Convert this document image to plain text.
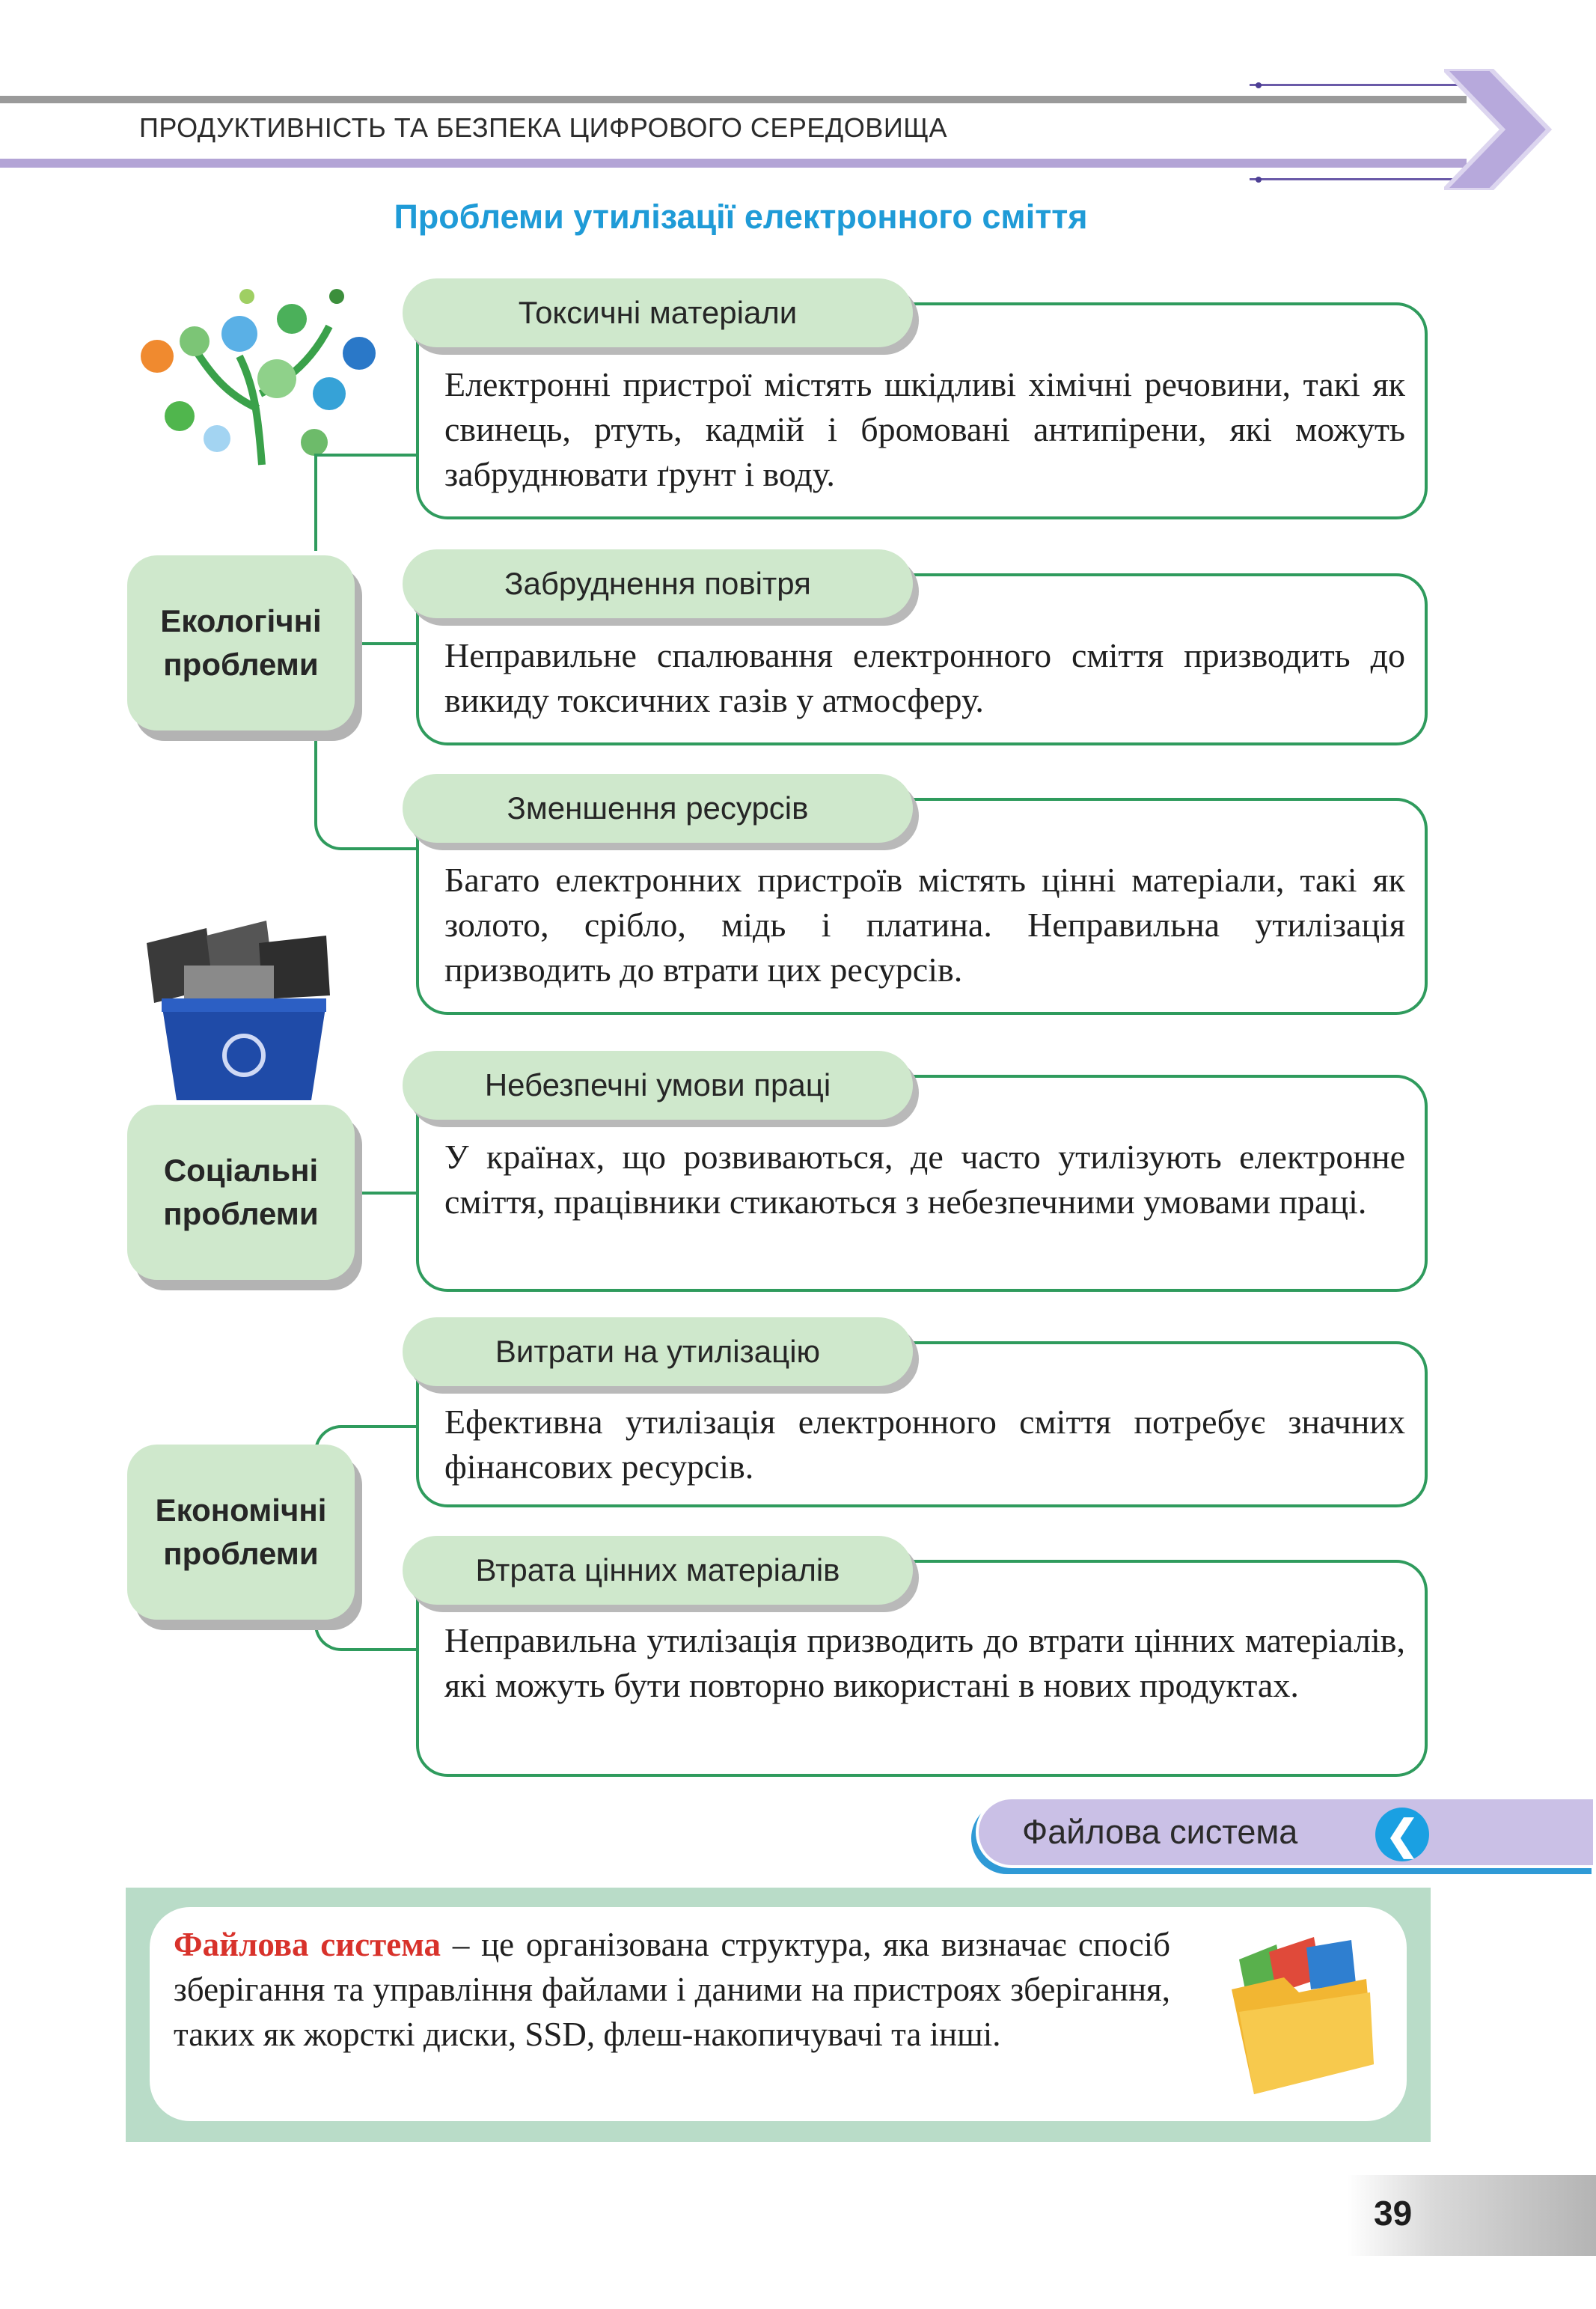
ПРОДУКТИВНІСТЬ ТА БЕЗПЕКА ЦИФРОВОГО СЕРЕДОВИЩА
Проблеми утилізації електронного сміття
Екологічні проблеми
Соціальні проблеми
Економічні проблеми
Електронні пристрої містять шкідливі хімічні речовини, такі як свинець, ртуть, кадмій і бромовані антипірени, які можуть забруднювати ґрунт і воду.
Токсичні матеріали
Неправильне спалювання електронного сміття призводить до викиду токсичних газів у атмосферу.
Забруднення повітря
Багато електронних пристроїв містять цінні матеріали, такі як золото, срібло, мідь і платина. Неправильна утилізація призводить до втрати цих ресурсів.
Зменшення ресурсів
У країнах, що розвиваються, де часто утилізують електронне сміття, працівники стикаються з небезпечними умовами праці.
Небезпечні умови праці
Ефективна утилізація електронного сміття потребує значних фінансових ресурсів.
Витрати на утилізацію
Неправильна утилізація призводить до втрати цінних матеріалів, які можуть бути повторно використані в нових продуктах.
Втрата цінних матеріалів
Файлова система ❮
Файлова система – це організована структура, яка визначає спосіб зберігання та управління файлами і даними на пристроях зберігання, таких як жорсткі диски, SSD, флеш-накопичувачі та інші.
39
